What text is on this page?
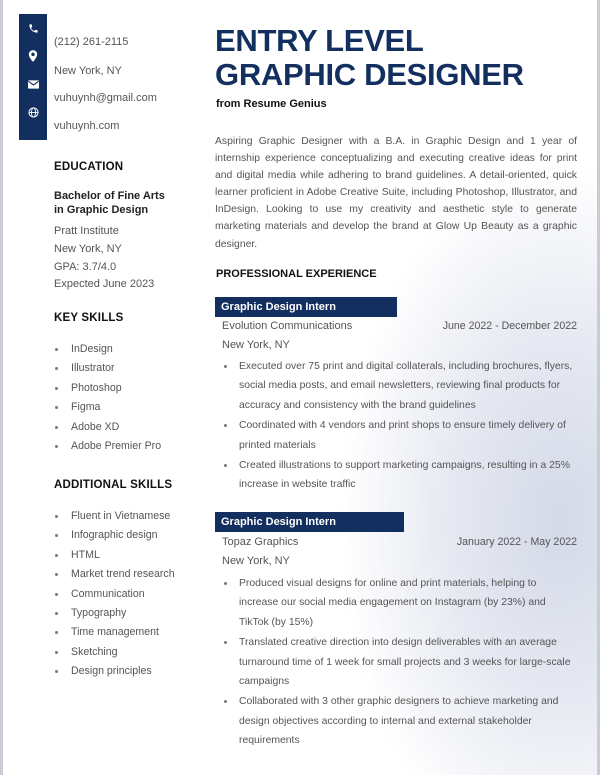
(212) 261-2115
New York, NY
vuhuynh@gmail.com
vuhuynh.com
EDUCATION
Bachelor of Fine Arts
in Graphic Design
Pratt Institute
New York, NY
GPA: 3.7/4.0
Expected June 2023
KEY SKILLS
InDesign
Illustrator
Photoshop
Figma
Adobe XD
Adobe Premier Pro
ADDITIONAL SKILLS
Fluent in Vietnamese
Infographic design
HTML
Market trend research
Communication
Typography
Time management
Sketching
Design principles
ENTRY LEVEL
GRAPHIC DESIGNER
from Resume Genius
Aspiring Graphic Designer with a B.A. in Graphic Design and 1 year of internship experience conceptualizing and executing creative ideas for print and digital media while adhering to brand guidelines. A detail-oriented, quick learner proficient in Adobe Creative Suite, including Photoshop, Illustrator, and InDesign. Looking to use my creativity and aesthetic style to generate marketing materials and develop the brand at Glow Up Beauty as a graphic designer.
PROFESSIONAL EXPERIENCE
Graphic Design Intern
Evolution Communications	June 2022 - December 2022
New York, NY
Executed over 75 print and digital collaterals, including brochures, flyers, social media posts, and email newsletters, reviewing final products for accuracy and consistency with the brand guidelines
Coordinated with 4 vendors and print shops to ensure timely delivery of printed materials
Created illustrations to support marketing campaigns, resulting in a 25% increase in website traffic
Graphic Design Intern
Topaz Graphics	January 2022 - May 2022
New York, NY
Produced visual designs for online and print materials, helping to increase our social media engagement on Instagram (by 23%) and TikTok (by 15%)
Translated creative direction into design deliverables with an average turnaround time of 1 week for small projects and 3 weeks for large-scale campaigns
Collaborated with 3 other graphic designers to achieve marketing and design objectives according to internal and external stakeholder requirements
